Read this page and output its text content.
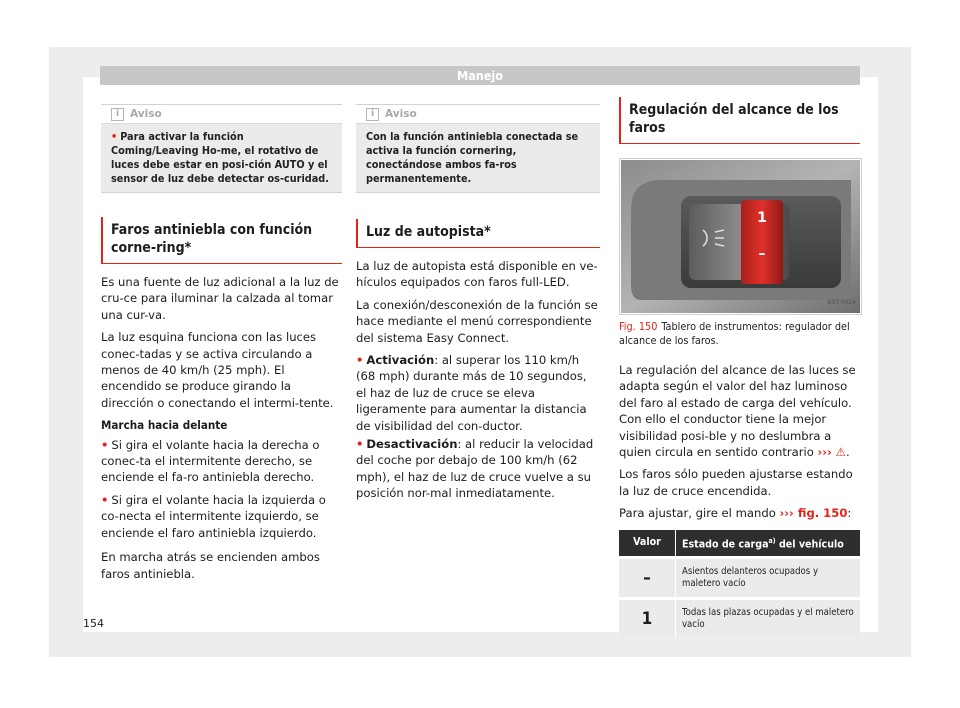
Manejo
i	Aviso
• Para activar la función Coming/Leaving Ho-me, el rotativo de luces debe estar en posi-ción AUTO y el sensor de luz debe detectar os-curidad.
Faros antiniebla con función corne-ring*

Es una fuente de luz adicional a la luz de cru-ce para iluminar la calzada al tomar una cur-va.

La luz esquina funciona con las luces conec-tadas y se activa circulando a menos de 40 km/h (25 mph). El encendido se produce girando la dirección o conectando el intermi-tente.

Marcha hacia delante

• Si gira el volante hacia la derecha o conec-ta el intermitente derecho, se enciende el fa-ro antiniebla derecho.

• Si gira el volante hacia la izquierda o co-necta el intermitente izquierdo, se enciende el faro antiniebla izquierdo.

En marcha atrás se encienden ambos faros antiniebla.

i	Aviso
Con la función antiniebla conectada se activa la función cornering, conectándose ambos fa-ros permanentemente.
Luz de autopista*

La luz de autopista está disponible en ve-hículos equipados con faros full-LED.

La conexión/desconexión de la función se hace mediante el menú correspondiente del sistema Easy Connect.

• Activación: al superar los 110 km/h (68 mph) durante más de 10 segundos, el haz de luz de cruce se eleva ligeramente para aumentar la distancia de visibilidad del con-ductor.

• Desactivación: al reducir la velocidad del coche por debajo de 100 km/h (62 mph), el haz de luz de cruce vuelve a su posición nor-mal inmediatamente.

Regulación del alcance de los faros
1
–
B5T-0024
Fig. 150 Tablero de instrumentos: regulador del alcance de los faros.

La regulación del alcance de las luces se adapta según el valor del haz luminoso del faro al estado de carga del vehículo. Con ello el conductor tiene la mejor visibilidad posi-ble y no deslumbra a quien circula en sentido contrario ››› ⚠.

Los faros sólo pueden ajustarse estando la luz de cruce encendida.

Para ajustar, gire el mando ››› fig. 150:

Valor	Estado de carga$^{a)}$ del vehículo
–	Asientos delanteros ocupados y maletero vacío
1	Todas las plazas ocupadas y el maletero vacío
154
